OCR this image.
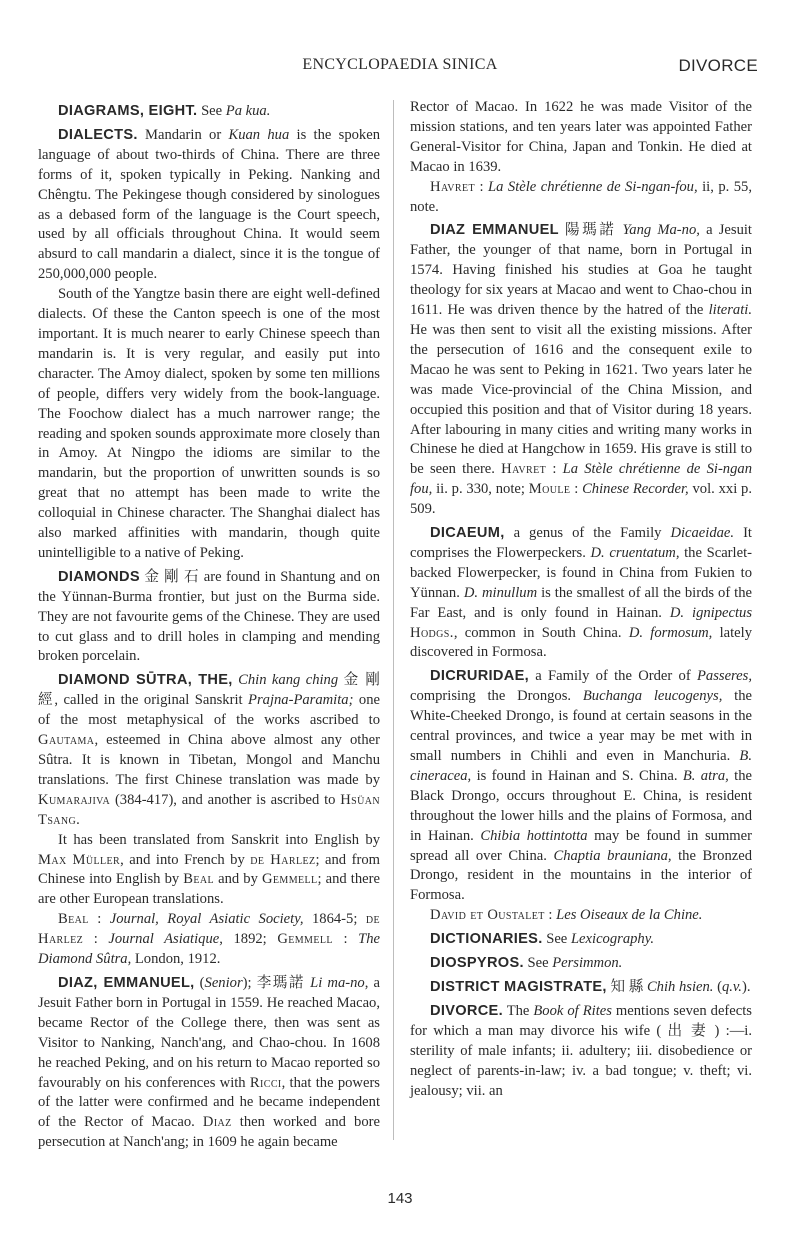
ENCYCLOPAEDIA SINICA	DIVORCE

DIAGRAMS, EIGHT. See Pa kua.

DIALECTS. Mandarin or Kuan hua is the spoken language of about two-thirds of China. There are three forms of it, spoken typically in Peking. Nanking and Chêngtu. The Pekingese though considered by sinologues as a debased form of the language is the Court speech, used by all officials throughout China. It would seem absurd to call mandarin a dialect, since it is the tongue of 250,000,000 people.

South of the Yangtze basin there are eight well-defined dialects. Of these the Canton speech is one of the most important. It is much nearer to early Chinese speech than mandarin is. It is very regular, and easily put into character. The Amoy dialect, spoken by some ten millions of people, differs very widely from the book-language. The Foochow dialect has a much narrower range; the reading and spoken sounds approximate more closely than in Amoy. At Ningpo the idioms are similar to the mandarin, but the proportion of unwritten sounds is so great that no attempt has been made to write the colloquial in Chinese character. The Shanghai dialect has also marked affinities with mandarin, though quite unintelligible to a native of Peking.

DIAMONDS 金 剛 石 are found in Shantung and on the Yünnan-Burma frontier, but just on the Burma side. They are not favourite gems of the Chinese. They are used to cut glass and to drill holes in clamping and mending broken porcelain.

DIAMOND SŪTRA, THE, Chin kang ching 金 剛 經, called in the original Sanskrit Prajna-Paramita; one of the most metaphysical of the works ascribed to Gautama, esteemed in China above almost any other Sûtra. It is known in Tibetan, Mongol and Manchu translations. The first Chinese translation was made by Kumarajiva (384-417), and another is ascribed to Hsüan Tsang.

It has been translated from Sanskrit into English by Max Müller, and into French by de Harlez; and from Chinese into English by Beal and by Gemmell; and there are other European translations.

Beal : Journal, Royal Asiatic Society, 1864-5; de Harlez : Journal Asiatique, 1892; Gemmell : The Diamond Sûtra, London, 1912.

DIAZ, EMMANUEL, (Senior); 李瑪諾 Li ma-no, a Jesuit Father born in Portugal in 1559. He reached Macao, became Rector of the College there, then was sent as Visitor to Nanking, Nanch'ang, and Chao-chou. In 1608 he reached Peking, and on his return to Macao reported so favourably on his conferences with Ricci, that the powers of the latter were confirmed and he became independent of the Rector of Macao. Diaz then worked and bore persecution at Nanch'ang; in 1609 he again became

Rector of Macao. In 1622 he was made Visitor of the mission stations, and ten years later was appointed Father General-Visitor for China, Japan and Tonkin. He died at Macao in 1639.

Havret : La Stèle chrétienne de Si-ngan-fou, ii, p. 55, note.

DIAZ EMMANUEL 陽瑪諾 Yang Ma-no, a Jesuit Father, the younger of that name, born in Portugal in 1574. Having finished his studies at Goa he taught theology for six years at Macao and went to Chao-chou in 1611. He was driven thence by the hatred of the literati. He was then sent to visit all the existing missions. After the persecution of 1616 and the consequent exile to Macao he was sent to Peking in 1621. Two years later he was made Vice-provincial of the China Mission, and occupied this position and that of Visitor during 18 years. After labouring in many cities and writing many works in Chinese he died at Hangchow in 1659. His grave is still to be seen there. Havret : La Stèle chrétienne de Si-ngan fou, ii. p. 330, note; Moule : Chinese Recorder, vol. xxi p. 509.

DICAEUM, a genus of the Family Dicaeidae. It comprises the Flowerpeckers. D. cruentatum, the Scarlet-backed Flowerpecker, is found in China from Fukien to Yünnan. D. minullum is the smallest of all the birds of the Far East, and is only found in Hainan. D. ignipectus Hodgs., common in South China. D. formosum, lately discovered in Formosa.

DICRURIDAE, a Family of the Order of Passeres, comprising the Drongos. Buchanga leucogenys, the White-Cheeked Drongo, is found at certain seasons in the central provinces, and twice a year may be met with in small numbers in Chihli and even in Manchuria. B. cineracea, is found in Hainan and S. China. B. atra, the Black Drongo, occurs throughout E. China, is resident throughout the lower hills and the plains of Formosa, and in Hainan. Chibia hottintotta may be found in summer spread all over China. Chaptia brauniana, the Bronzed Drongo, resident in the mountains in the interior of Formosa.

David et Oustalet : Les Oiseaux de la Chine.

DICTIONARIES. See Lexicography.

DIOSPYROS. See Persimmon.

DISTRICT MAGISTRATE, 知 縣 Chih hsien. (q.v.).

DIVORCE. The Book of Rites mentions seven defects for which a man may divorce his wife ( 出 妻 ) :—i. sterility of male infants; ii. adultery; iii. disobedience or neglect of parents-in-law; iv. a bad tongue; v. theft; vi. jealousy; vii. an

143
